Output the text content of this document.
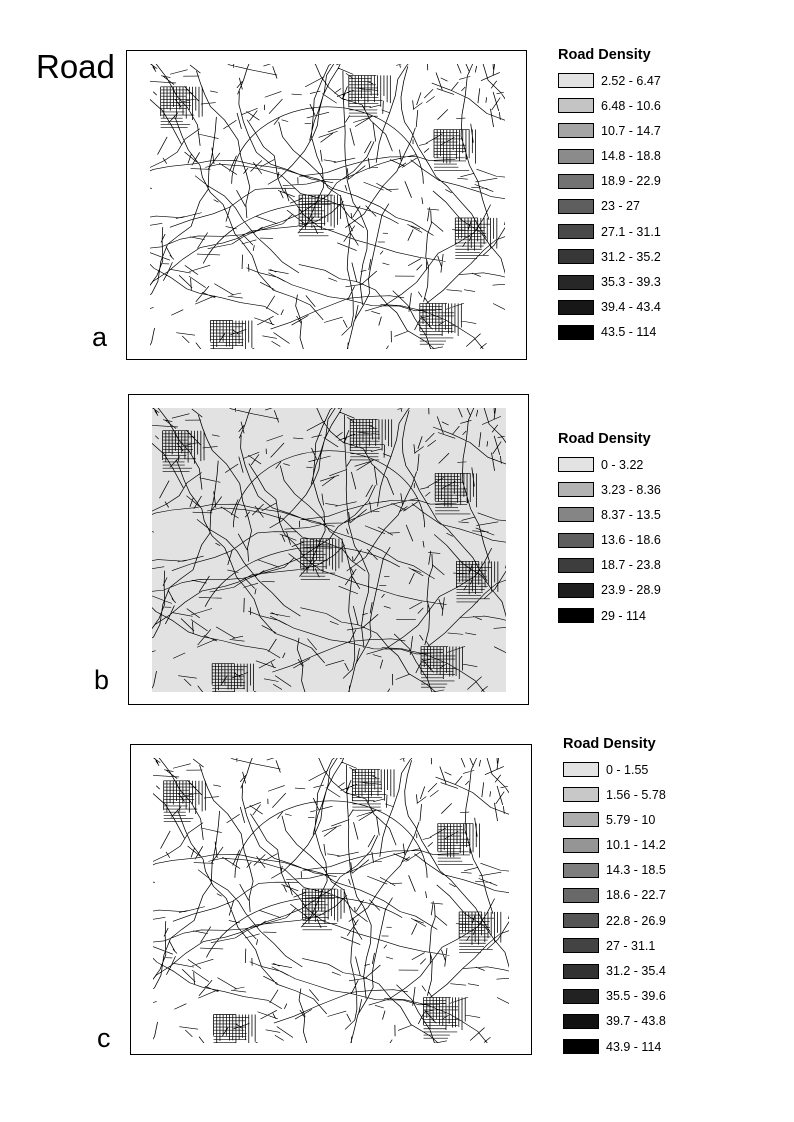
Road
a
Road Density
2.52 - 6.47
6.48 - 10.6
10.7 - 14.7
14.8 - 18.8
18.9 - 22.9
23 - 27
27.1 - 31.1
31.2 - 35.2
35.3 - 39.3
39.4 - 43.4
43.5 - 114
b
Road Density
0 - 3.22
3.23 - 8.36
8.37 - 13.5
13.6 - 18.6
18.7 - 23.8
23.9 - 28.9
29 - 114
c
Road Density
0 - 1.55
1.56 - 5.78
5.79 - 10
10.1 - 14.2
14.3 - 18.5
18.6 - 22.7
22.8 - 26.9
27 - 31.1
31.2 - 35.4
35.5 - 39.6
39.7 - 43.8
43.9 - 114
